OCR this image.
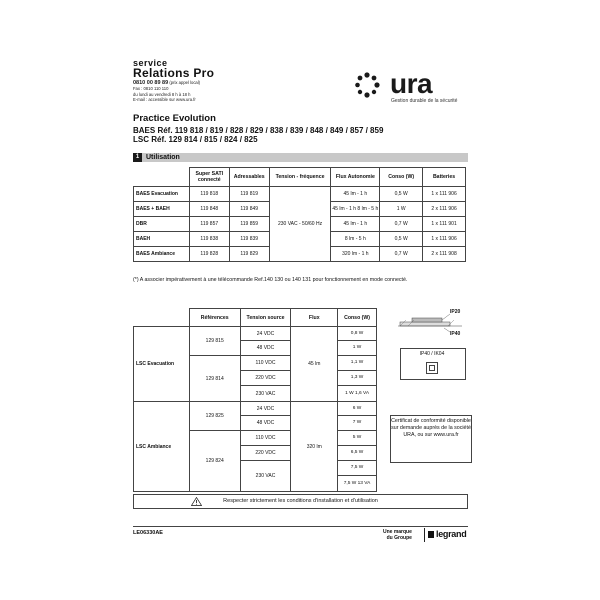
service
Relations Pro
0810 00 89 89 (prix appel local)
Fax : 0810 110 110
du lundi au vendredi 8 h à 18 h
E-mail : accessible sur www.ura.fr
ura
Gestion durable de la sécurité
Practice Evolution
BAES Réf. 119 818 / 819 / 828 / 829 / 838 / 839 / 848 / 849 / 857 / 859
LSC Réf. 129 814 / 815 / 824 / 825
1 Utilisation
	Super SATI connecté	Adressables	Tension - fréquence	Flux Autonomie	Conso (W)	Batteries
BAES Evacuation	119 818	119 819	230 VAC - 50/60 Hz	45 lm - 1 h	0,5 W	1 x 111 906
BAES + BAEH	119 848	119 849		45 lm - 1 h 8 lm - 5 h	1 W	2 x 111 906
DBR	119 857	119 859		45 lm - 1 h	0,7 W	1 x 111 901
BAEH	119 838	119 839		8 lm - 5 h	0,5 W	1 x 111 906
BAES Ambiance	119 828	119 829		320 lm - 1 h	0,7 W	2 x 111 908
(*) A associer impérativement à une télécommande Ref.140 130 ou 140 131 pour fonctionnement en mode connecté.
	Références	Tension source	Flux	Conso (W)
LSC Evacuation	129 815	24 VDC	45 lm	0,8 W
		48 VDC		1 W
	129 814	110 VDC		1,1 W
		220 VDC		1,3 W
		230 VAC		1 W 1,6 VA
LSC Ambiance	129 825	24 VDC	320 lm	6 W
		48 VDC		7 W
	129 824	110 VDC		5 W
		220 VDC		6,5 W
		230 VAC		7,5 W
				7,5 W 13 VA
IP20
IP40
IP40 / IK04
Certificat de conformité disponible sur demande auprès de la société URA, ou sur www.ura.fr
Respecter strictement les conditions d'installation et d'utilisation
LE06330AE	Une marque
du Groupe	legrand
